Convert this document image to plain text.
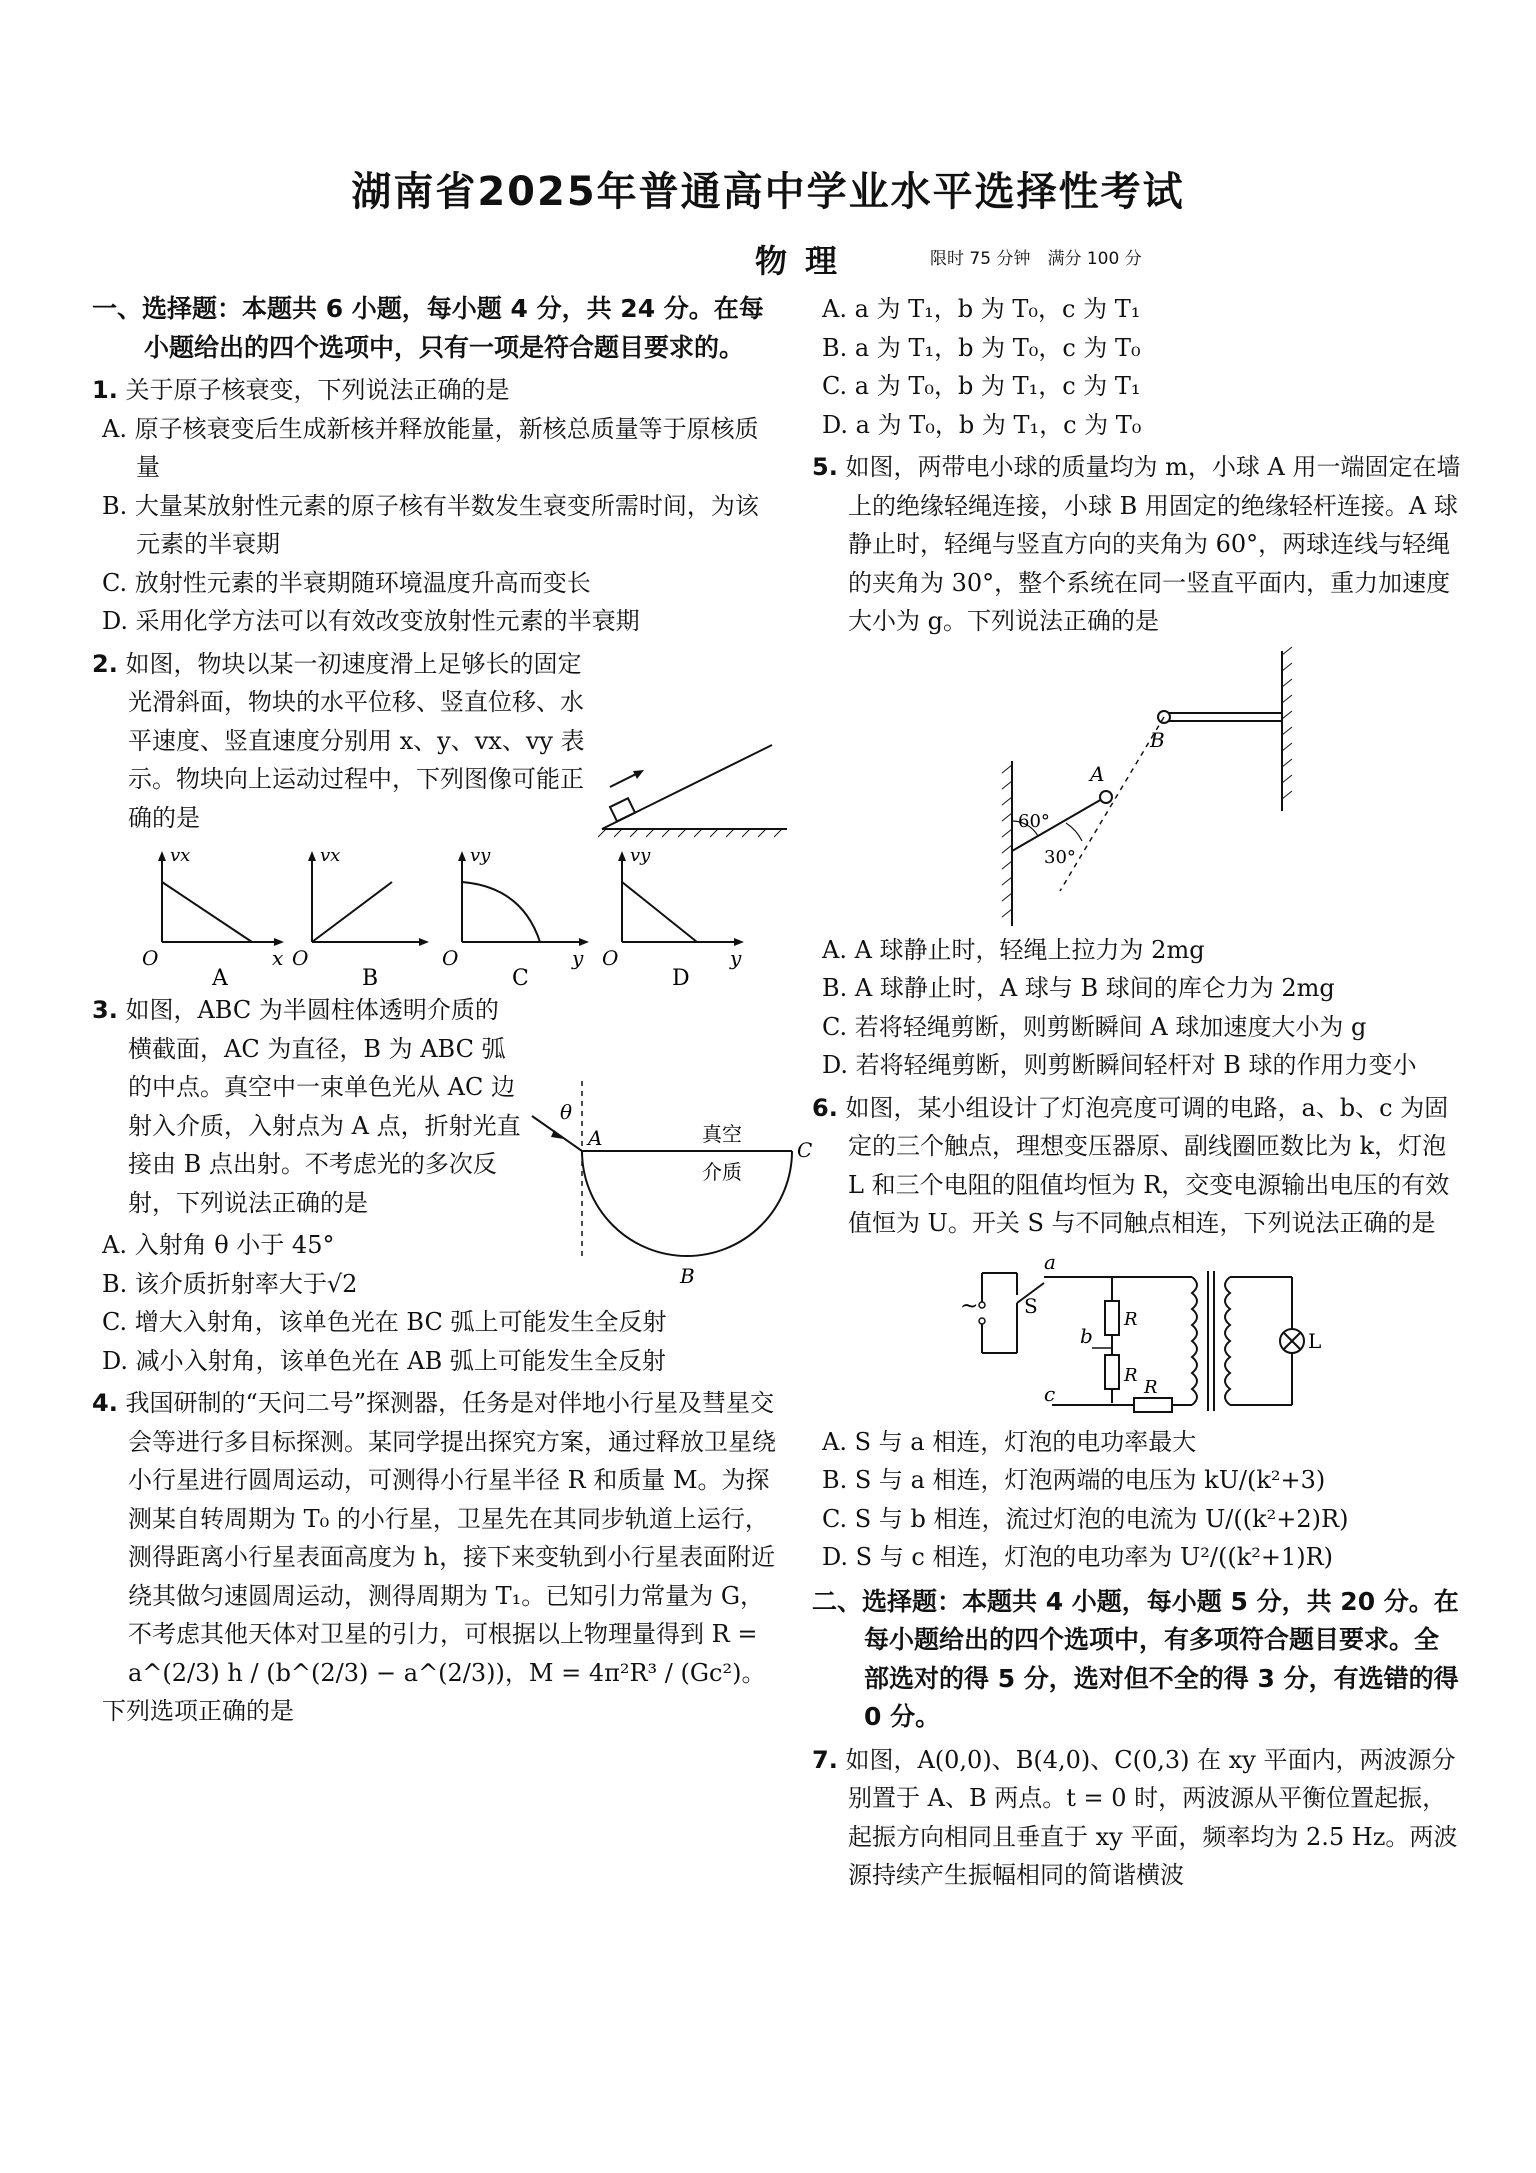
湖南省2025年普通高中学业水平选择性考试
物理	限时 75 分钟　满分 100 分
一、选择题：本题共 6 小题，每小题 4 分，共 24 分。在每小题给出的四个选项中，只有一项是符合题目要求的。
1. 关于原子核衰变，下列说法正确的是
A. 原子核衰变后生成新核并释放能量，新核总质量等于原核质量
B. 大量某放射性元素的原子核有半数发生衰变所需时间，为该元素的半衰期
C. 放射性元素的半衰期随环境温度升高而变长
D. 采用化学方法可以有效改变放射性元素的半衰期
2. 如图，物块以某一初速度滑上足够长的固定光滑斜面，物块的水平位移、竖直位移、水平速度、竖直速度分别用 x、y、vx、vy 表示。物块向上运动过程中，下列图像可能正确的是
vx
O	x
A
vx
O
B
vy
O	y
C
vy
O	y
D
3. 如图，ABC 为半圆柱体透明介质的横截面，AC 为直径，B 为 ABC 弧的中点。真空中一束单色光从 AC 边射入介质，入射点为 A 点，折射光直接由 B 点出射。不考虑光的多次反射，下列说法正确的是
θ
A	C
B
真空
介质
A. 入射角 θ 小于 45°
B. 该介质折射率大于√2
C. 增大入射角，该单色光在 BC 弧上可能发生全反射
D. 减小入射角，该单色光在 AB 弧上可能发生全反射
4. 我国研制的“天问二号”探测器，任务是对伴地小行星及彗星交会等进行多目标探测。某同学提出探究方案，通过释放卫星绕小行星进行圆周运动，可测得小行星半径 R 和质量 M。为探测某自转周期为 T₀ 的小行星，卫星先在其同步轨道上运行，测得距离小行星表面高度为 h，接下来变轨到小行星表面附近绕其做匀速圆周运动，测得周期为 T₁。已知引力常量为 G，不考虑其他天体对卫星的引力，可根据以上物理量得到 R = a^(2/3) h / (b^(2/3) − a^(2/3))，M = 4π²R³ / (Gc²)。
下列选项正确的是
A. a 为 T₁，b 为 T₀，c 为 T₁
B. a 为 T₁，b 为 T₀，c 为 T₀
C. a 为 T₀，b 为 T₁，c 为 T₁
D. a 为 T₀，b 为 T₁，c 为 T₀
5. 如图，两带电小球的质量均为 m，小球 A 用一端固定在墙上的绝缘轻绳连接，小球 B 用固定的绝缘轻杆连接。A 球静止时，轻绳与竖直方向的夹角为 60°，两球连线与轻绳的夹角为 30°，整个系统在同一竖直平面内，重力加速度大小为 g。下列说法正确的是
B
A
60°
30°
A. A 球静止时，轻绳上拉力为 2mg
B. A 球静止时，A 球与 B 球间的库仑力为 2mg
C. 若将轻绳剪断，则剪断瞬间 A 球加速度大小为 g
D. 若将轻绳剪断，则剪断瞬间轻杆对 B 球的作用力变小
6. 如图，某小组设计了灯泡亮度可调的电路，a、b、c 为固定的三个触点，理想变压器原、副线圈匝数比为 k，灯泡 L 和三个电阻的阻值均恒为 R，交变电源输出电压的有效值恒为 U。开关 S 与不同触点相连，下列说法正确的是
~ S
a
R
b
R
c	R
L
A. S 与 a 相连，灯泡的电功率最大
B. S 与 a 相连，灯泡两端的电压为 kU/(k²+3)
C. S 与 b 相连，流过灯泡的电流为 U/((k²+2)R)
D. S 与 c 相连，灯泡的电功率为 U²/((k²+1)R)
二、选择题：本题共 4 小题，每小题 5 分，共 20 分。在每小题给出的四个选项中，有多项符合题目要求。全部选对的得 5 分，选对但不全的得 3 分，有选错的得 0 分。
7. 如图，A(0,0)、B(4,0)、C(0,3) 在 xy 平面内，两波源分别置于 A、B 两点。t = 0 时，两波源从平衡位置起振，起振方向相同且垂直于 xy 平面，频率均为 2.5 Hz。两波源持续产生振幅相同的简谐横波
